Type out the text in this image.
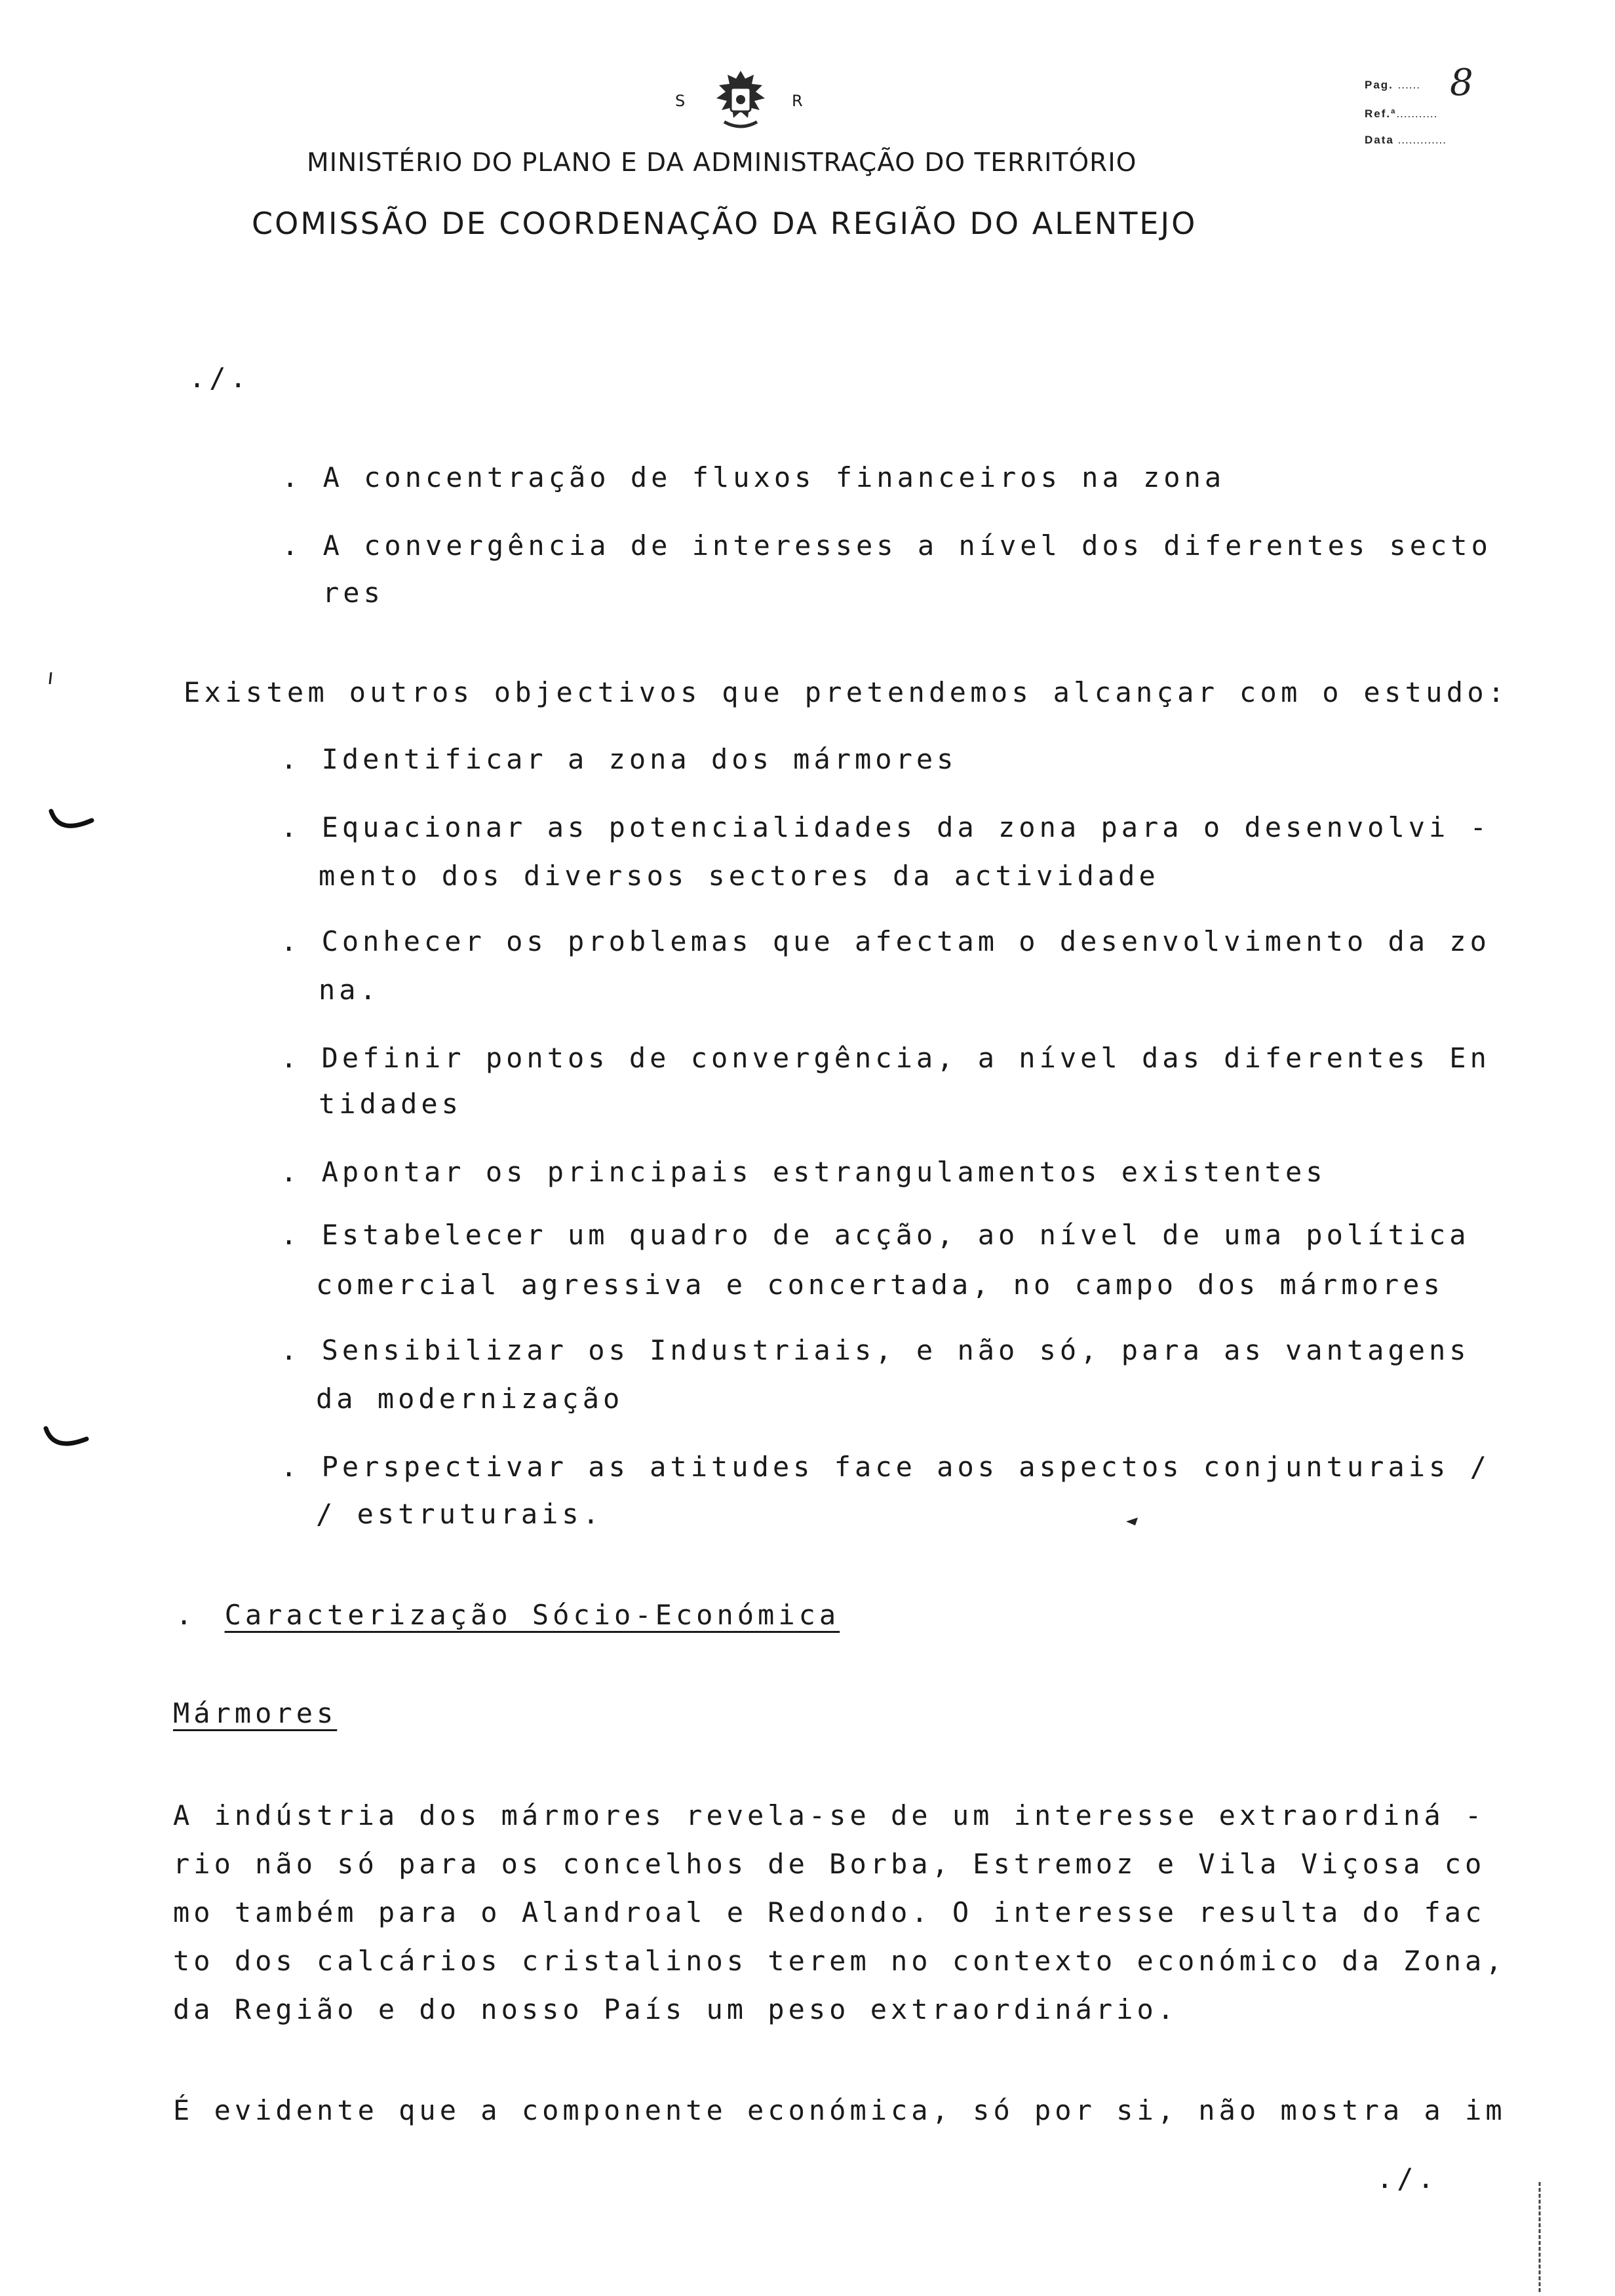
S	R
MINISTÉRIO DO PLANO E DA ADMINISTRAÇÃO DO TERRITÓRIO
COMISSÃO DE COORDENAÇÃO DA REGIÃO DO ALENTEJO
Pag. ...... 8
Ref.ª...........
Data .............
./.
. A concentração de fluxos financeiros na zona
. A convergência de interesses a nível dos diferentes secto
res
Existem outros objectivos que pretendemos alcançar com o estudo:
. Identificar a zona dos mármores
. Equacionar as potencialidades da zona para o desenvolvi -
mento dos diversos sectores da actividade
. Conhecer os problemas que afectam o desenvolvimento da zo
na.
. Definir pontos de convergência, a nível das diferentes En
tidades
. Apontar os principais estrangulamentos existentes
. Estabelecer um quadro de acção, ao nível de uma política
comercial agressiva e concertada, no campo dos mármores
. Sensibilizar os Industriais, e não só, para as vantagens
da modernização
. Perspectivar as atitudes face aos aspectos conjunturais /
/ estruturais.
. Caracterização Sócio-Económica
Mármores
A indústria dos mármores revela-se de um interesse extraordiná -
rio não só para os concelhos de Borba, Estremoz e Vila Viçosa co
mo também para o Alandroal e Redondo. O interesse resulta do fac
to dos calcários cristalinos terem no contexto económico da Zona,
da Região e do nosso País um peso extraordinário.
É evidente que a componente económica, só por si, não mostra a im
./.
